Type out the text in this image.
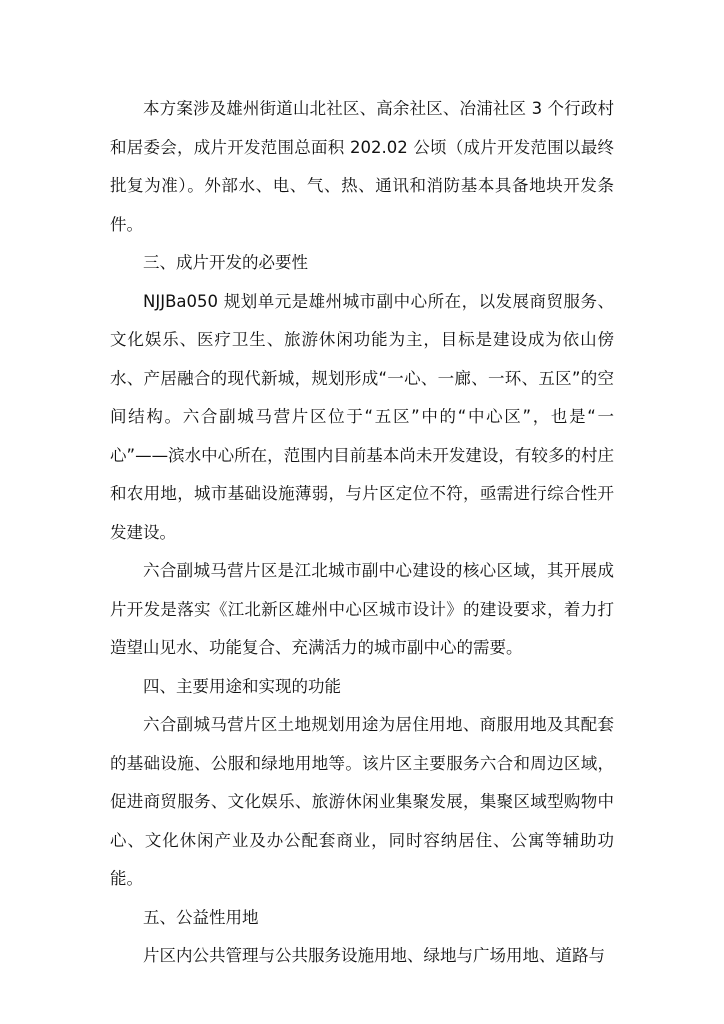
本方案涉及雄州街道山北社区、高余社区、冶浦社区 3 个行政村和居委会，成片开发范围总面积 202.02 公顷（成片开发范围以最终批复为准）。外部水、电、气、热、通讯和消防基本具备地块开发条件。

三、成片开发的必要性

NJJBa050 规划单元是雄州城市副中心所在，以发展商贸服务、文化娱乐、医疗卫生、旅游休闲功能为主，目标是建设成为依山傍水、产居融合的现代新城，规划形成“一心、一廊、一环、五区”的空间结构。六合副城马营片区位于“五区”中的“中心区”，也是“一心”——滨水中心所在，范围内目前基本尚未开发建设，有较多的村庄和农用地，城市基础设施薄弱，与片区定位不符，亟需进行综合性开发建设。

六合副城马营片区是江北城市副中心建设的核心区域，其开展成片开发是落实《江北新区雄州中心区城市设计》的建设要求，着力打造望山见水、功能复合、充满活力的城市副中心的需要。

四、主要用途和实现的功能

六合副城马营片区土地规划用途为居住用地、商服用地及其配套的基础设施、公服和绿地用地等。该片区主要服务六合和周边区域，促进商贸服务、文化娱乐、旅游休闲业集聚发展，集聚区域型购物中心、文化休闲产业及办公配套商业，同时容纳居住、公寓等辅助功能。

五、公益性用地

片区内公共管理与公共服务设施用地、绿地与广场用地、道路与
